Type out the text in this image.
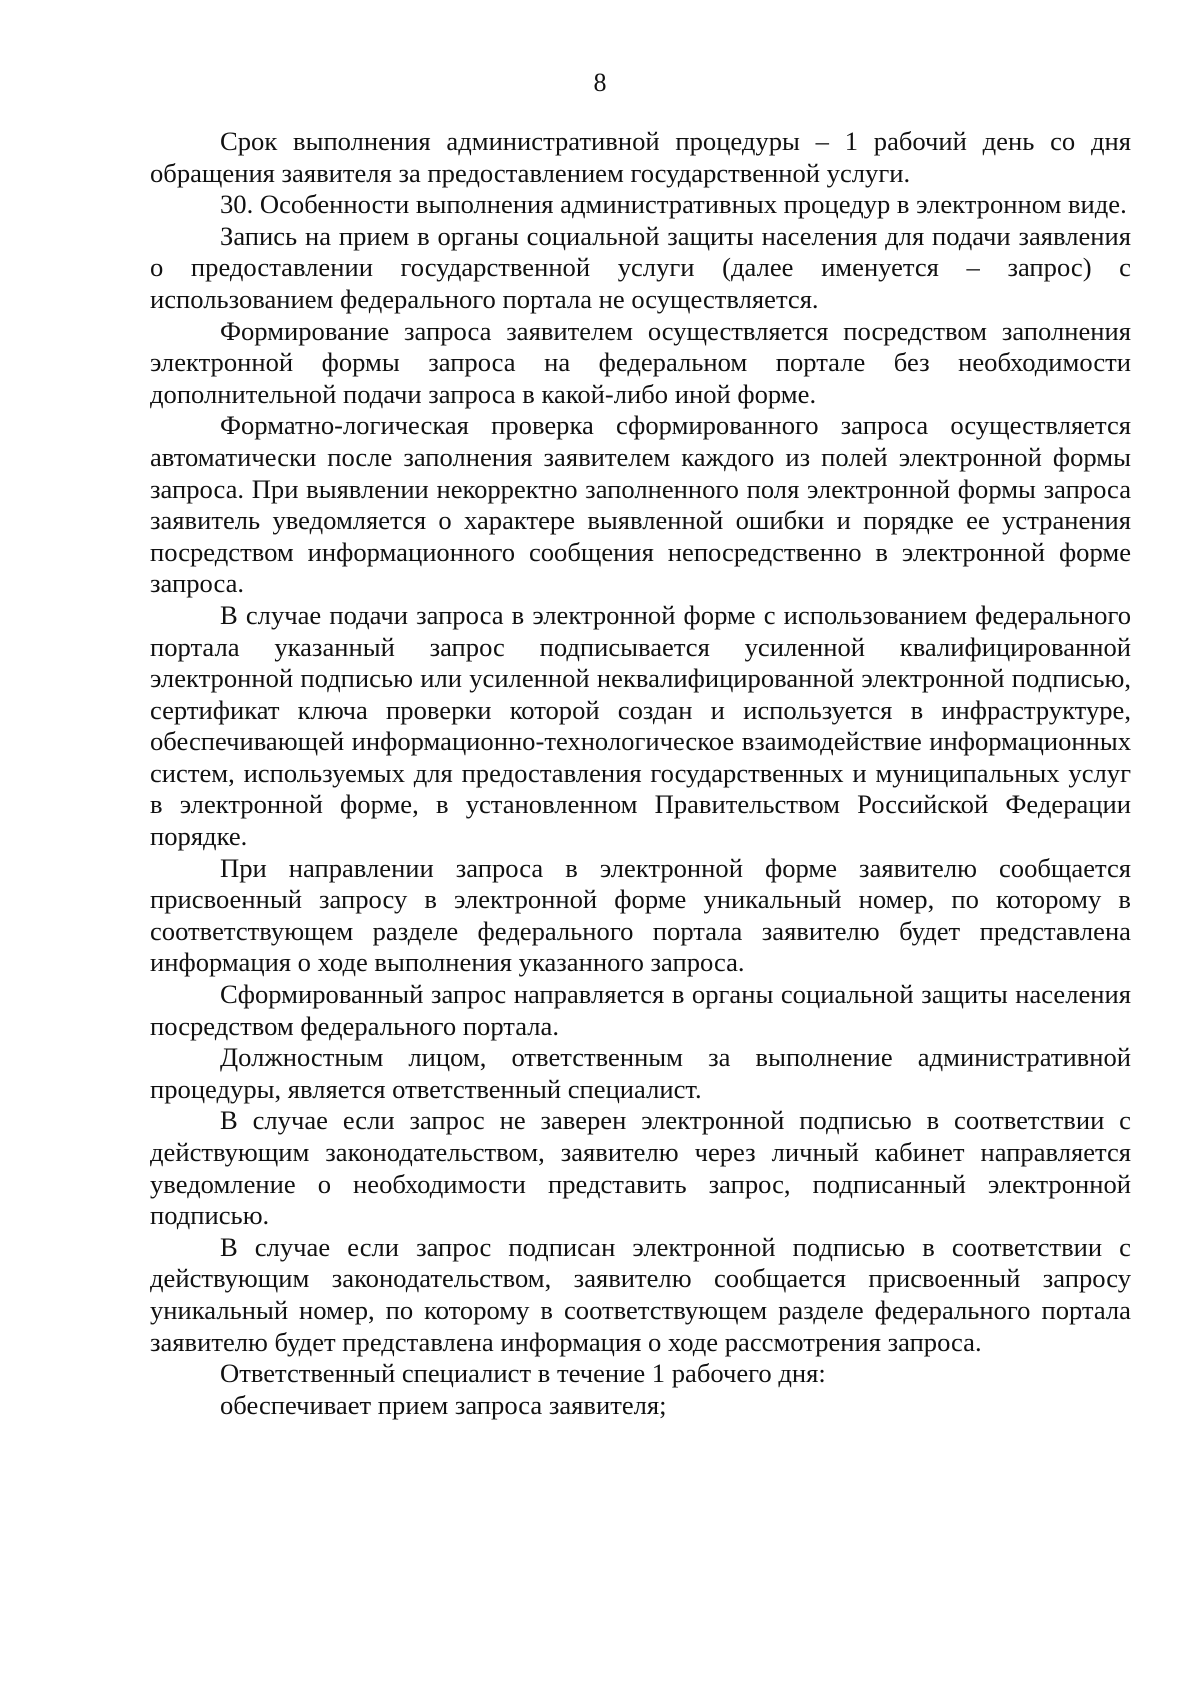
8

Срок выполнения административной процедуры – 1 рабочий день со дня обращения заявителя за предоставлением государственной услуги.

30. Особенности выполнения административных процедур в электронном виде.

Запись на прием в органы социальной защиты населения для подачи заявления о предоставлении государственной услуги (далее именуется – запрос) с использованием федерального портала не осуществляется.

Формирование запроса заявителем осуществляется посредством заполнения электронной формы запроса на федеральном портале без необходимости дополнительной подачи запроса в какой-либо иной форме.

Форматно-логическая проверка сформированного запроса осуществляется автоматически после заполнения заявителем каждого из полей электронной формы запроса. При выявлении некорректно заполненного поля электронной формы запроса заявитель уведомляется о характере выявленной ошибки и порядке ее устранения посредством информационного сообщения непосредственно в электронной форме запроса.

В случае подачи запроса в электронной форме с использованием федерального портала указанный запрос подписывается усиленной квалифицированной электронной подписью или усиленной неквалифицированной электронной подписью, сертификат ключа проверки которой создан и используется в инфраструктуре, обеспечивающей информационно-технологическое взаимодействие информационных систем, используемых для предоставления государственных и муниципальных услуг в электронной форме, в установленном Правительством Российской Федерации порядке.

При направлении запроса в электронной форме заявителю сообщается присвоенный запросу в электронной форме уникальный номер, по которому в соответствующем разделе федерального портала заявителю будет представлена информация о ходе выполнения указанного запроса.

Сформированный запрос направляется в органы социальной защиты населения посредством федерального портала.

Должностным лицом, ответственным за выполнение административной процедуры, является ответственный специалист.

В случае если запрос не заверен электронной подписью в соответствии с действующим законодательством, заявителю через личный кабинет направляется уведомление о необходимости представить запрос, подписанный электронной подписью.

В случае если запрос подписан электронной подписью в соответствии с действующим законодательством, заявителю сообщается присвоенный запросу уникальный номер, по которому в соответствующем разделе федерального портала заявителю будет представлена информация о ходе рассмотрения запроса.

Ответственный специалист в течение 1 рабочего дня:

обеспечивает прием запроса заявителя;
